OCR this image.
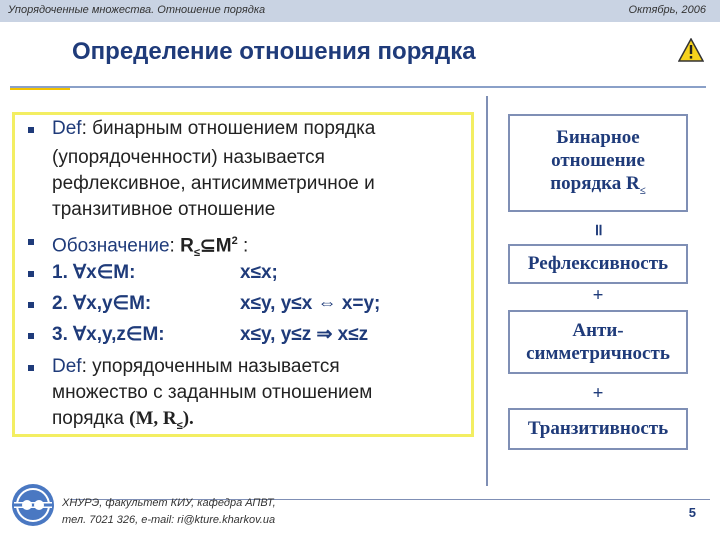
Упорядоченные множества. Отношение порядка	Октябрь, 2006
Определение отношения порядка
Def: бинарным отношением порядка
(упорядоченности) называется
рефлексивное, антисимметричное и
транзитивное отношение
Обозначение: $R_\le⊆M^2$ :
1. ∀x∈M:	x≤x;
2. ∀x,y∈M:	x≤y, y≤x ⇔ x=y;
3. ∀x,y,z∈M:	x≤y, y≤z ⇒ x≤z
Def: упорядоченным называется
множество с заданным отношением
порядка (M, $R_\le$).
Бинарное
отношение
порядка $R_\le$
॥
Рефлексивность
+
Анти-
симметричность
+
Транзитивность
ХНУРЭ, факультет КИУ, кафедра АПВТ,
тел. 7021 326, e-mail: ri@kture.kharkov.ua	5
